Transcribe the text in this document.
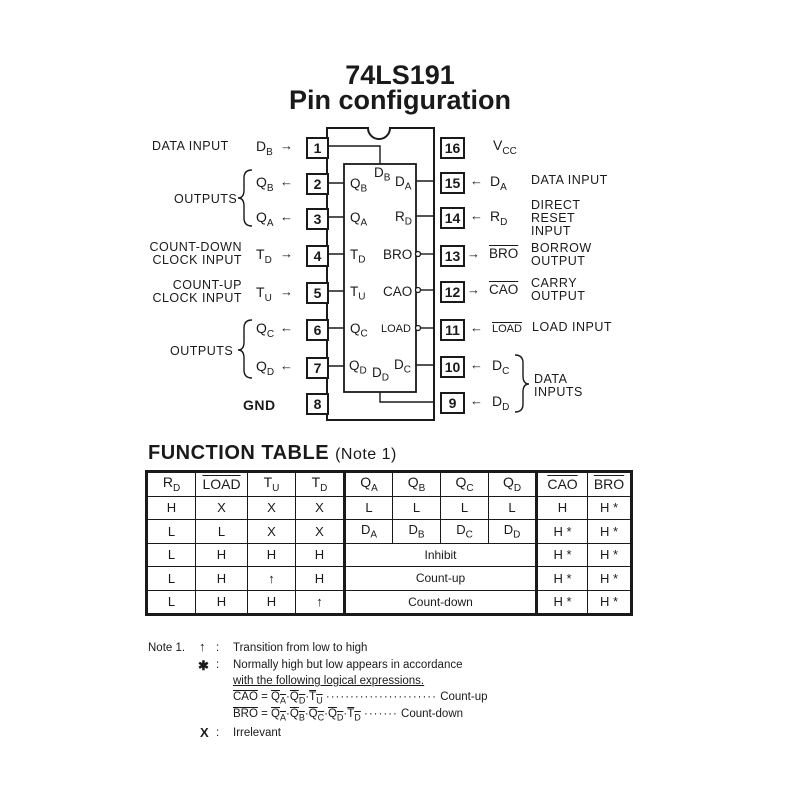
74LS191
Pin configuration
DATA INPUT
OUTPUTS
COUNT-DOWN
CLOCK INPUT
COUNT-UP
CLOCK INPUT
OUTPUTS
GND
$D_B$ →
$Q_B$ ←
$Q_A$ ←
$T_D$ →
$T_U$ →
$Q_C$ ←
$Q_D$ ←
1
2
3
4
5
6
7
8
16
15
14
13
12
11
10
9
$D_B$
$Q_B$
$D_A$
$Q_A$ $R_D$
$T_D$ BRO
$T_U$ CAO
$Q_C$ LOAD
$Q_D$ $D_C$
$D_D$
$V_{CC}$
← $D_A$
← $R_D$
→ $\overline{BRO}$
→ $\overline{CAO}$
← LOAD
← $D_C$
← $D_D$
DATA INPUT
DIRECT
RESET
INPUT
BORROW
OUTPUT
CARRY
OUTPUT
LOAD INPUT
DATA
INPUTS
FUNCTION TABLE (Note 1)
$R_D$	LOAD	$T_U$	$T_D$	$Q_A$	$Q_B$	$Q_C$	$Q_D$	$\overline{CAO}$	$\overline{BRO}$
H	X	X	X	L	L	L	L	H	H *
L	L	X	X	$D_A$	$D_B$	$D_C$	$D_D$	H *	H *
L	H	H	H	Inhibit				H *	H *
L	H	↑	H	Count-up				H *	H *
L	H	H	↑	Count-down				H *	H *
Note 1. ↑ : Transition from low to high
✱ : Normally high but low appears in accordance
with the following logical expressions.
$\overline{CAO} = Q_A\cdot Q_D\cdot T_U$ ······················· Count-up
$\overline{BRO} = Q_A\cdot Q_B\cdot Q_C\cdot Q_D\cdot T_D$ ······· Count-down
X : Irrelevant
